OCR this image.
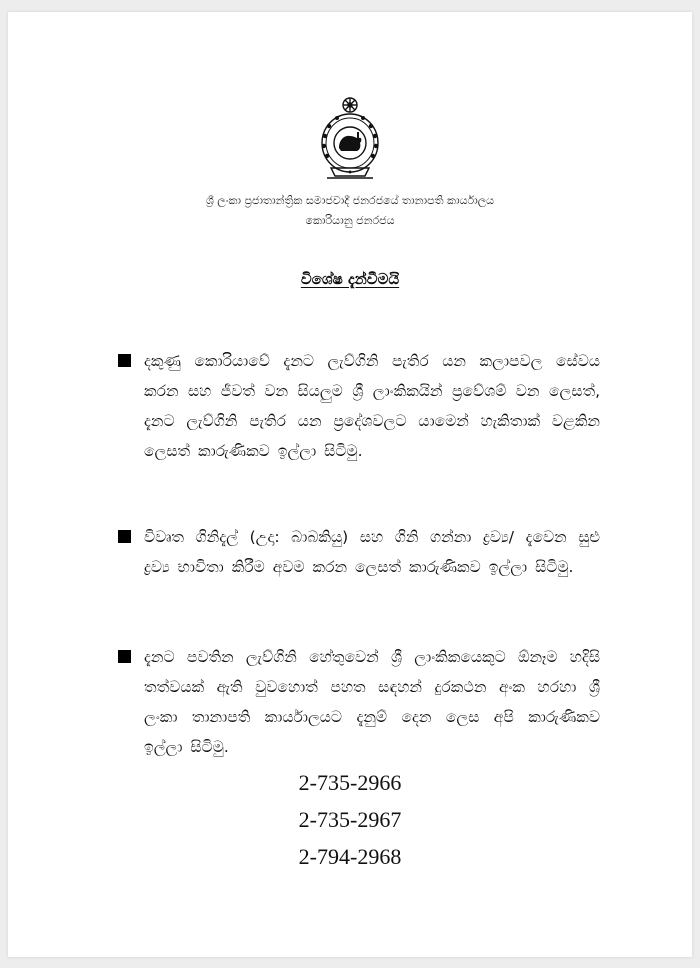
ශ්‍රී ලංකා ප්‍රජාතාන්ත්‍රික සමාජවාදී ජනරජයේ තානාපති කාර්යාලය
කොරියානු ජනරජය
විශේෂ දැන්වීමයි
දකුණු කොරියාවේ දැනට ලැව්ගිනි පැතිර යන කලාපවල සේවය කරන සහ ජීවත් වන සියලුම ශ්‍රී ලාංකිකයින් ප්‍රවේශම් වන ලෙසත්, දැනට ලැව්ගිනි පැතිර යන ප්‍රදේශවලට යාමෙන් හැකිතාක් වළකින ලෙසත් කාරුණිකව ඉල්ලා සිටිමු.
විවෘත ගිනිදැල් (උදා: බාබකියු) සහ ගිනි ගන්නා ද්‍රව්‍ය/ දැවෙන සුළු ද්‍රව්‍ය භාවිතා කිරීම අවම කරන ලෙසත් කාරුණිකව ඉල්ලා සිටිමු.
දැනට පවතින ලැව්ගිනි හේතුවෙන් ශ්‍රී ලාංකිකයෙකුට ඕනෑම හදිසි තත්වයක් ඇති වුවහොත් පහත සඳහන් දුරකථන අංක හරහා ශ්‍රී ලංකා තානාපති කාර්යාලයට දැනුම් දෙන ලෙස අපි කාරුණිකව ඉල්ලා සිටිමු.
2-735-2966
2-735-2967
2-794-2968
